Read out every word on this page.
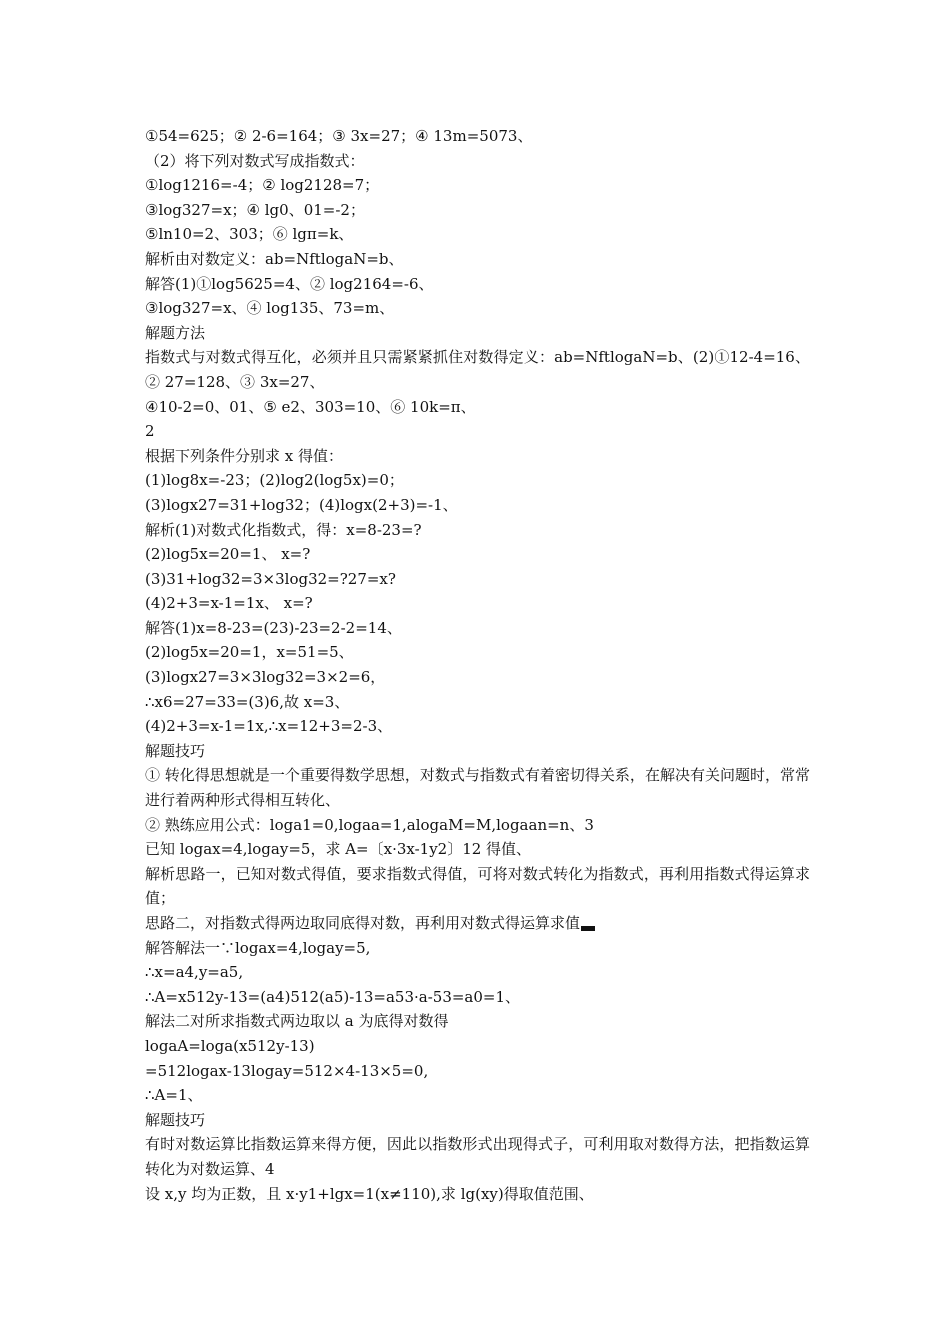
①54=625；② 2-6=164；③ 3x=27；④ 13m=5073、

（2）将下列对数式写成指数式：

①log1216=-4；② log2128=7；

③log327=x；④ lg0、01=-2；

⑤ln10=2、303；⑥ lgπ=k、

解析由对数定义：ab=NftlogaN=b、

解答(1)①log5625=4、② log2164=-6、

③log327=x、④ log135、73=m、

解题方法

指数式与对数式得互化，必须并且只需紧紧抓住对数得定义：ab=NftlogaN=b、(2)①12-4=16、② 27=128、③ 3x=27、

④10-2=0、01、⑤ e2、303=10、⑥ 10k=π、

2

根据下列条件分别求 x 得值：

(1)log8x=-23；(2)log2(log5x)=0；

(3)logx27=31+log32；(4)logx(2+3)=-1、

解析(1)对数式化指数式，得：x=8-23=?

(2)log5x=20=1、 x=?

(3)31+log32=3×3log32=?27=x?

(4)2+3=x-1=1x、 x=?

解答(1)x=8-23=(23)-23=2-2=14、

(2)log5x=20=1，x=51=5、

(3)logx27=3×3log32=3×2=6，

∴x6=27=33=(3)6,故 x=3、

(4)2+3=x-1=1x,∴x=12+3=2-3、

解题技巧

① 转化得思想就是一个重要得数学思想，对数式与指数式有着密切得关系，在解决有关问题时，常常进行着两种形式得相互转化、

② 熟练应用公式：loga1=0,logaa=1,alogaM=M,logaan=n、3

已知 logax=4,logay=5，求 A=〔x·3x-1y2〕12 得值、

解析思路一，已知对数式得值，要求指数式得值，可将对数式转化为指数式，再利用指数式得运算求值；

思路二，对指数式得两边取同底得对数，再利用对数式得运算求值

解答解法一∵logax=4,logay=5,

∴x=a4,y=a5,

∴A=x512y-13=(a4)512(a5)-13=a53·a-53=a0=1、

解法二对所求指数式两边取以 a 为底得对数得

logaA=loga(x512y-13)

=512logax-13logay=512×4-13×5=0,

∴A=1、

解题技巧

有时对数运算比指数运算来得方便，因此以指数形式出现得式子，可利用取对数得方法，把指数运算转化为对数运算、4

设 x,y 均为正数，且 x·y1+lgx=1(x≠110),求 lg(xy)得取值范围、
